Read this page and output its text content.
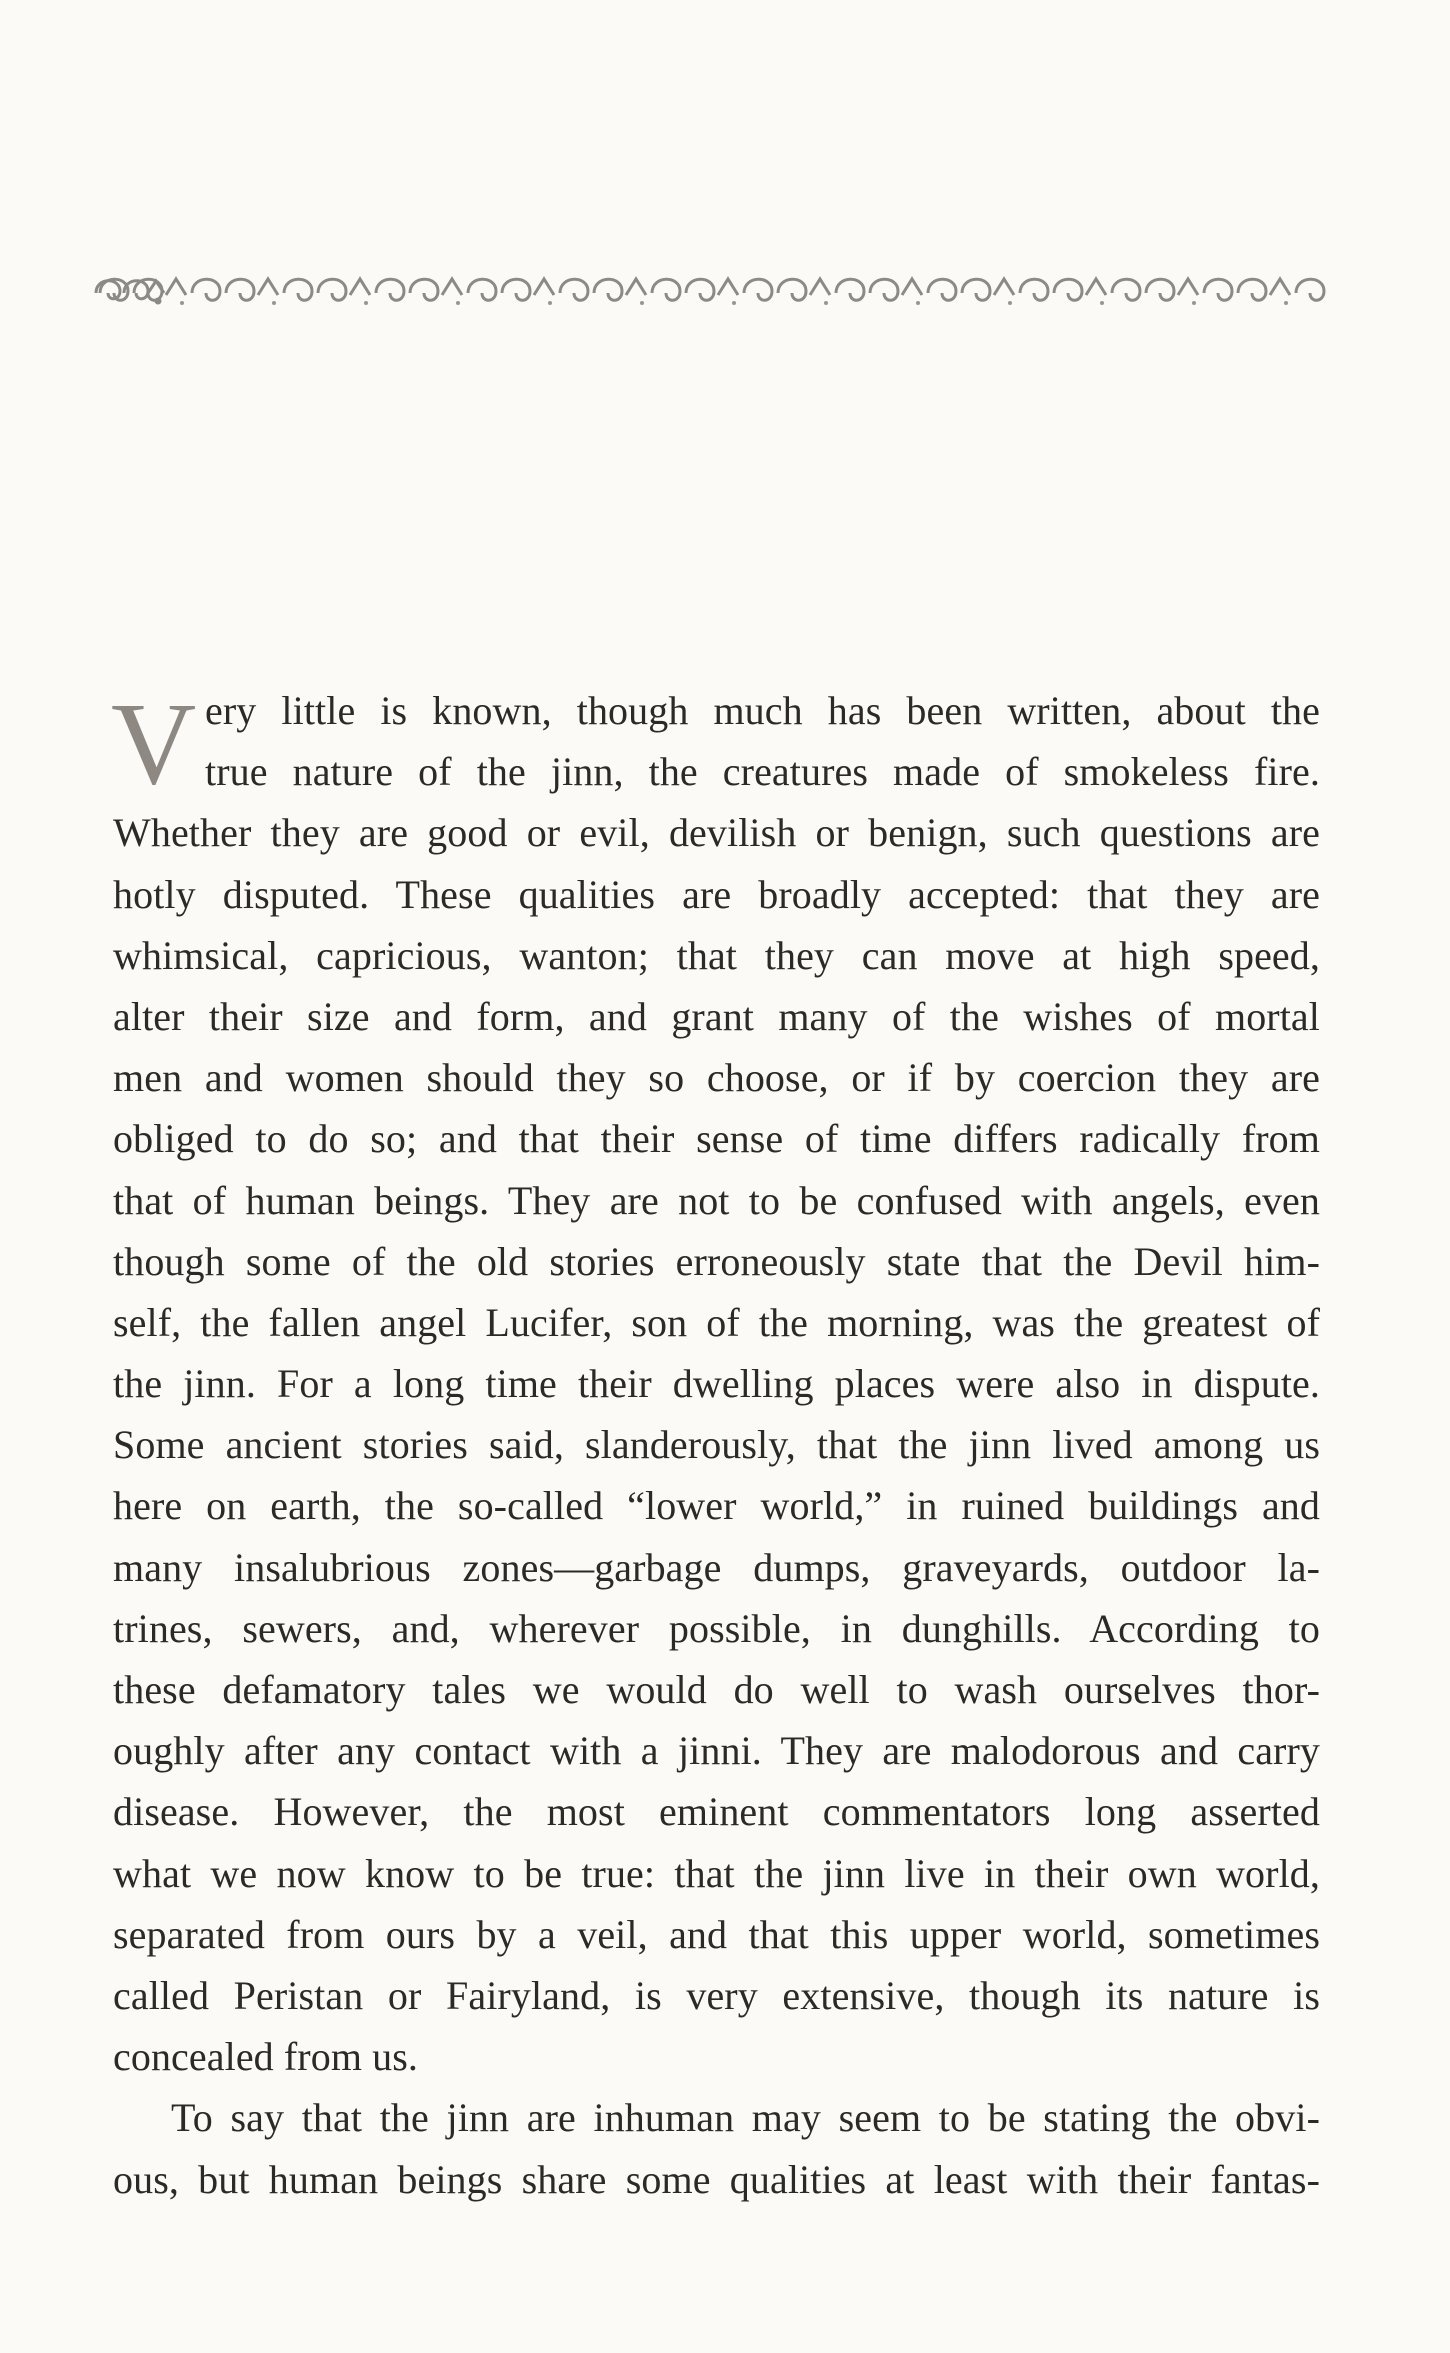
V ery little is known, though much has been written, about the
true nature of the jinn, the creatures made of smokeless fire.
Whether they are good or evil, devilish or benign, such questions are
hotly disputed. These qualities are broadly accepted: that they are
whimsical, capricious, wanton; that they can move at high speed,
alter their size and form, and grant many of the wishes of mortal
men and women should they so choose, or if by coercion they are
obliged to do so; and that their sense of time differs radically from
that of human beings. They are not to be confused with angels, even
though some of the old stories erroneously state that the Devil him-
self, the fallen angel Lucifer, son of the morning, was the greatest of
the jinn. For a long time their dwelling places were also in dispute.
Some ancient stories said, slanderously, that the jinn lived among us
here on earth, the so-called “lower world,” in ruined buildings and
many insalubrious zones—garbage dumps, graveyards, outdoor la-
trines, sewers, and, wherever possible, in dunghills. According to
these defamatory tales we would do well to wash ourselves thor-
oughly after any contact with a jinni. They are malodorous and carry
disease. However, the most eminent commentators long asserted
what we now know to be true: that the jinn live in their own world,
separated from ours by a veil, and that this upper world, sometimes
called Peristan or Fairyland, is very extensive, though its nature is
concealed from us.
To say that the jinn are inhuman may seem to be stating the obvi-
ous, but human beings share some qualities at least with their fantas-
